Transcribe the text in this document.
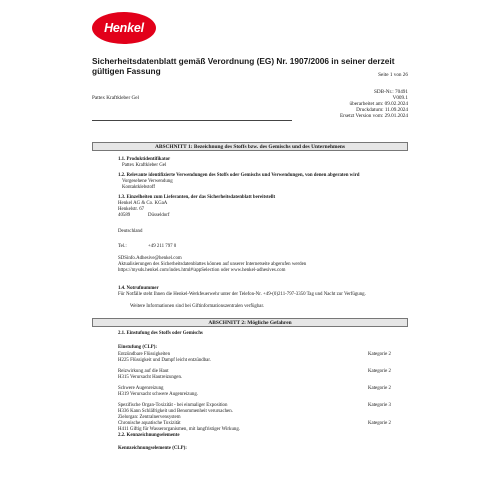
Henkel
Sicherheitsdatenblatt gemäß Verordnung (EG) Nr. 1907/2006 in seiner derzeit gültigen Fassung	Seite 1 von 26
SDB-Nr.: 70491
V009.1
überarbeitet am: 09.02.2024
Druckdatum: 11.09.2024
Ersetzt Version vom: 29.01.2024
Pattex Kraftkleber Gel
ABSCHNITT 1: Bezeichnung des Stoffs bzw. des Gemischs und des Unternehmens
1.1. Produktidentifikator
Pattex Kraftkleber Gel
1.2. Relevante identifizierte Verwendungen des Stoffs oder Gemischs und Verwendungen, von denen abgeraten wird
Vorgesehene Verwendung
Kontaktklebstoff
1.3. Einzelheiten zum Lieferanten, der das Sicherheitsdatenblatt bereitstellt
Henkel AG & Co. KGaA
Henkelstr. 67
40589	Düsseldorf
Deutschland
Tel.:	+49 211 797 0
SDSinfo.Adhesive@henkel.com
Aktualisierungen des Sicherheitsdatenblattes können auf unserer Internetseite abgerufen werden
https://mysds.henkel.com/index.html#/appSelection oder www.henkel-adhesives.com
1.4. Notrufnummer
Für Notfälle steht Ihnen die Henkel-Werkfeuerwehr unter der Telefon-Nr. +49-(0)211-797-3350 Tag und Nacht zur Verfügung.
Weitere Informationen sind bei Giftinformationszentralen verfügbar.
ABSCHNITT 2: Mögliche Gefahren
2.1. Einstufung des Stoffs oder Gemischs
Einstufung (CLP):
Entzündbare Flüssigkeiten
H225 Flüssigkeit und Dampf leicht entzündbar.
Kategorie 2
Reizwirkung auf die Haut
H315 Verursacht Hautreizungen.
Kategorie 2
Schwere Augenreizung
H319 Verursacht schwere Augenreizung.
Kategorie 2
Spezifische Organ-Toxizität - bei einmaliger Exposition
H336 Kann Schläfrigkeit und Benommenheit verursachen.
Zielorgan: Zentralnervensystem
Kategorie 3
Chronische aquatische Toxizität
H411 Giftig für Wasserorganismen, mit langfristiger Wirkung.
Kategorie 2
2.2. Kennzeichnungselemente
Kennzeichnungselemente (CLP):
